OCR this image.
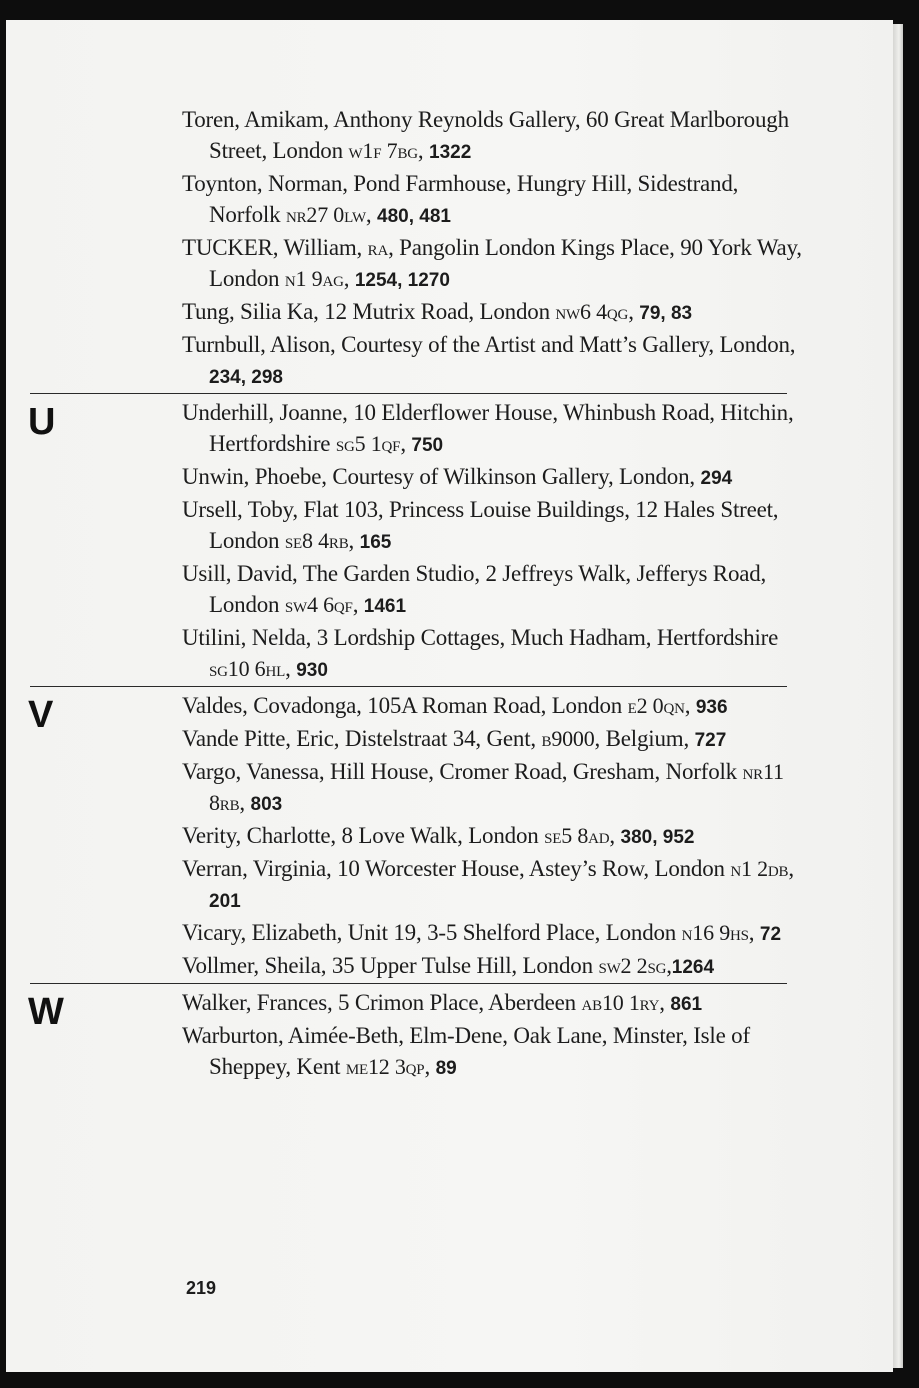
Toren, Amikam, Anthony Reynolds Gallery, 60 Great Marlborough Street, London w1f 7bg, 1322
Toynton, Norman, Pond Farmhouse, Hungry Hill, Sidestrand, Norfolk nr27 0lw, 480, 481
TUCKER, William, ra, Pangolin London Kings Place, 90 York Way, London n1 9ag, 1254, 1270
Tung, Silia Ka, 12 Mutrix Road, London nw6 4qg, 79, 83
Turnbull, Alison, Courtesy of the Artist and Matt’s Gallery, London, 234, 298
U	Underhill, Joanne, 10 Elderflower House, Whinbush Road, Hitchin, Hertfordshire sg5 1qf, 750
Unwin, Phoebe, Courtesy of Wilkinson Gallery, London, 294
Ursell, Toby, Flat 103, Princess Louise Buildings, 12 Hales Street, London se8 4rb, 165
Usill, David, The Garden Studio, 2 Jeffreys Walk, Jefferys Road, London sw4 6qf, 1461
Utilini, Nelda, 3 Lordship Cottages, Much Hadham, Hertfordshire sg10 6hl, 930
V	Valdes, Covadonga, 105A Roman Road, London e2 0qn, 936
Vande Pitte, Eric, Distelstraat 34, Gent, b9000, Belgium, 727
Vargo, Vanessa, Hill House, Cromer Road, Gresham, Norfolk nr11 8rb, 803
Verity, Charlotte, 8 Love Walk, London se5 8ad, 380, 952
Verran, Virginia, 10 Worcester House, Astey’s Row, London n1 2db, 201
Vicary, Elizabeth, Unit 19, 3-5 Shelford Place, London n16 9hs, 72
Vollmer, Sheila, 35 Upper Tulse Hill, London sw2 2sg,1264
W	Walker, Frances, 5 Crimon Place, Aberdeen ab10 1ry, 861
Warburton, Aimée-Beth, Elm-Dene, Oak Lane, Minster, Isle of Sheppey, Kent me12 3qp, 89
219
